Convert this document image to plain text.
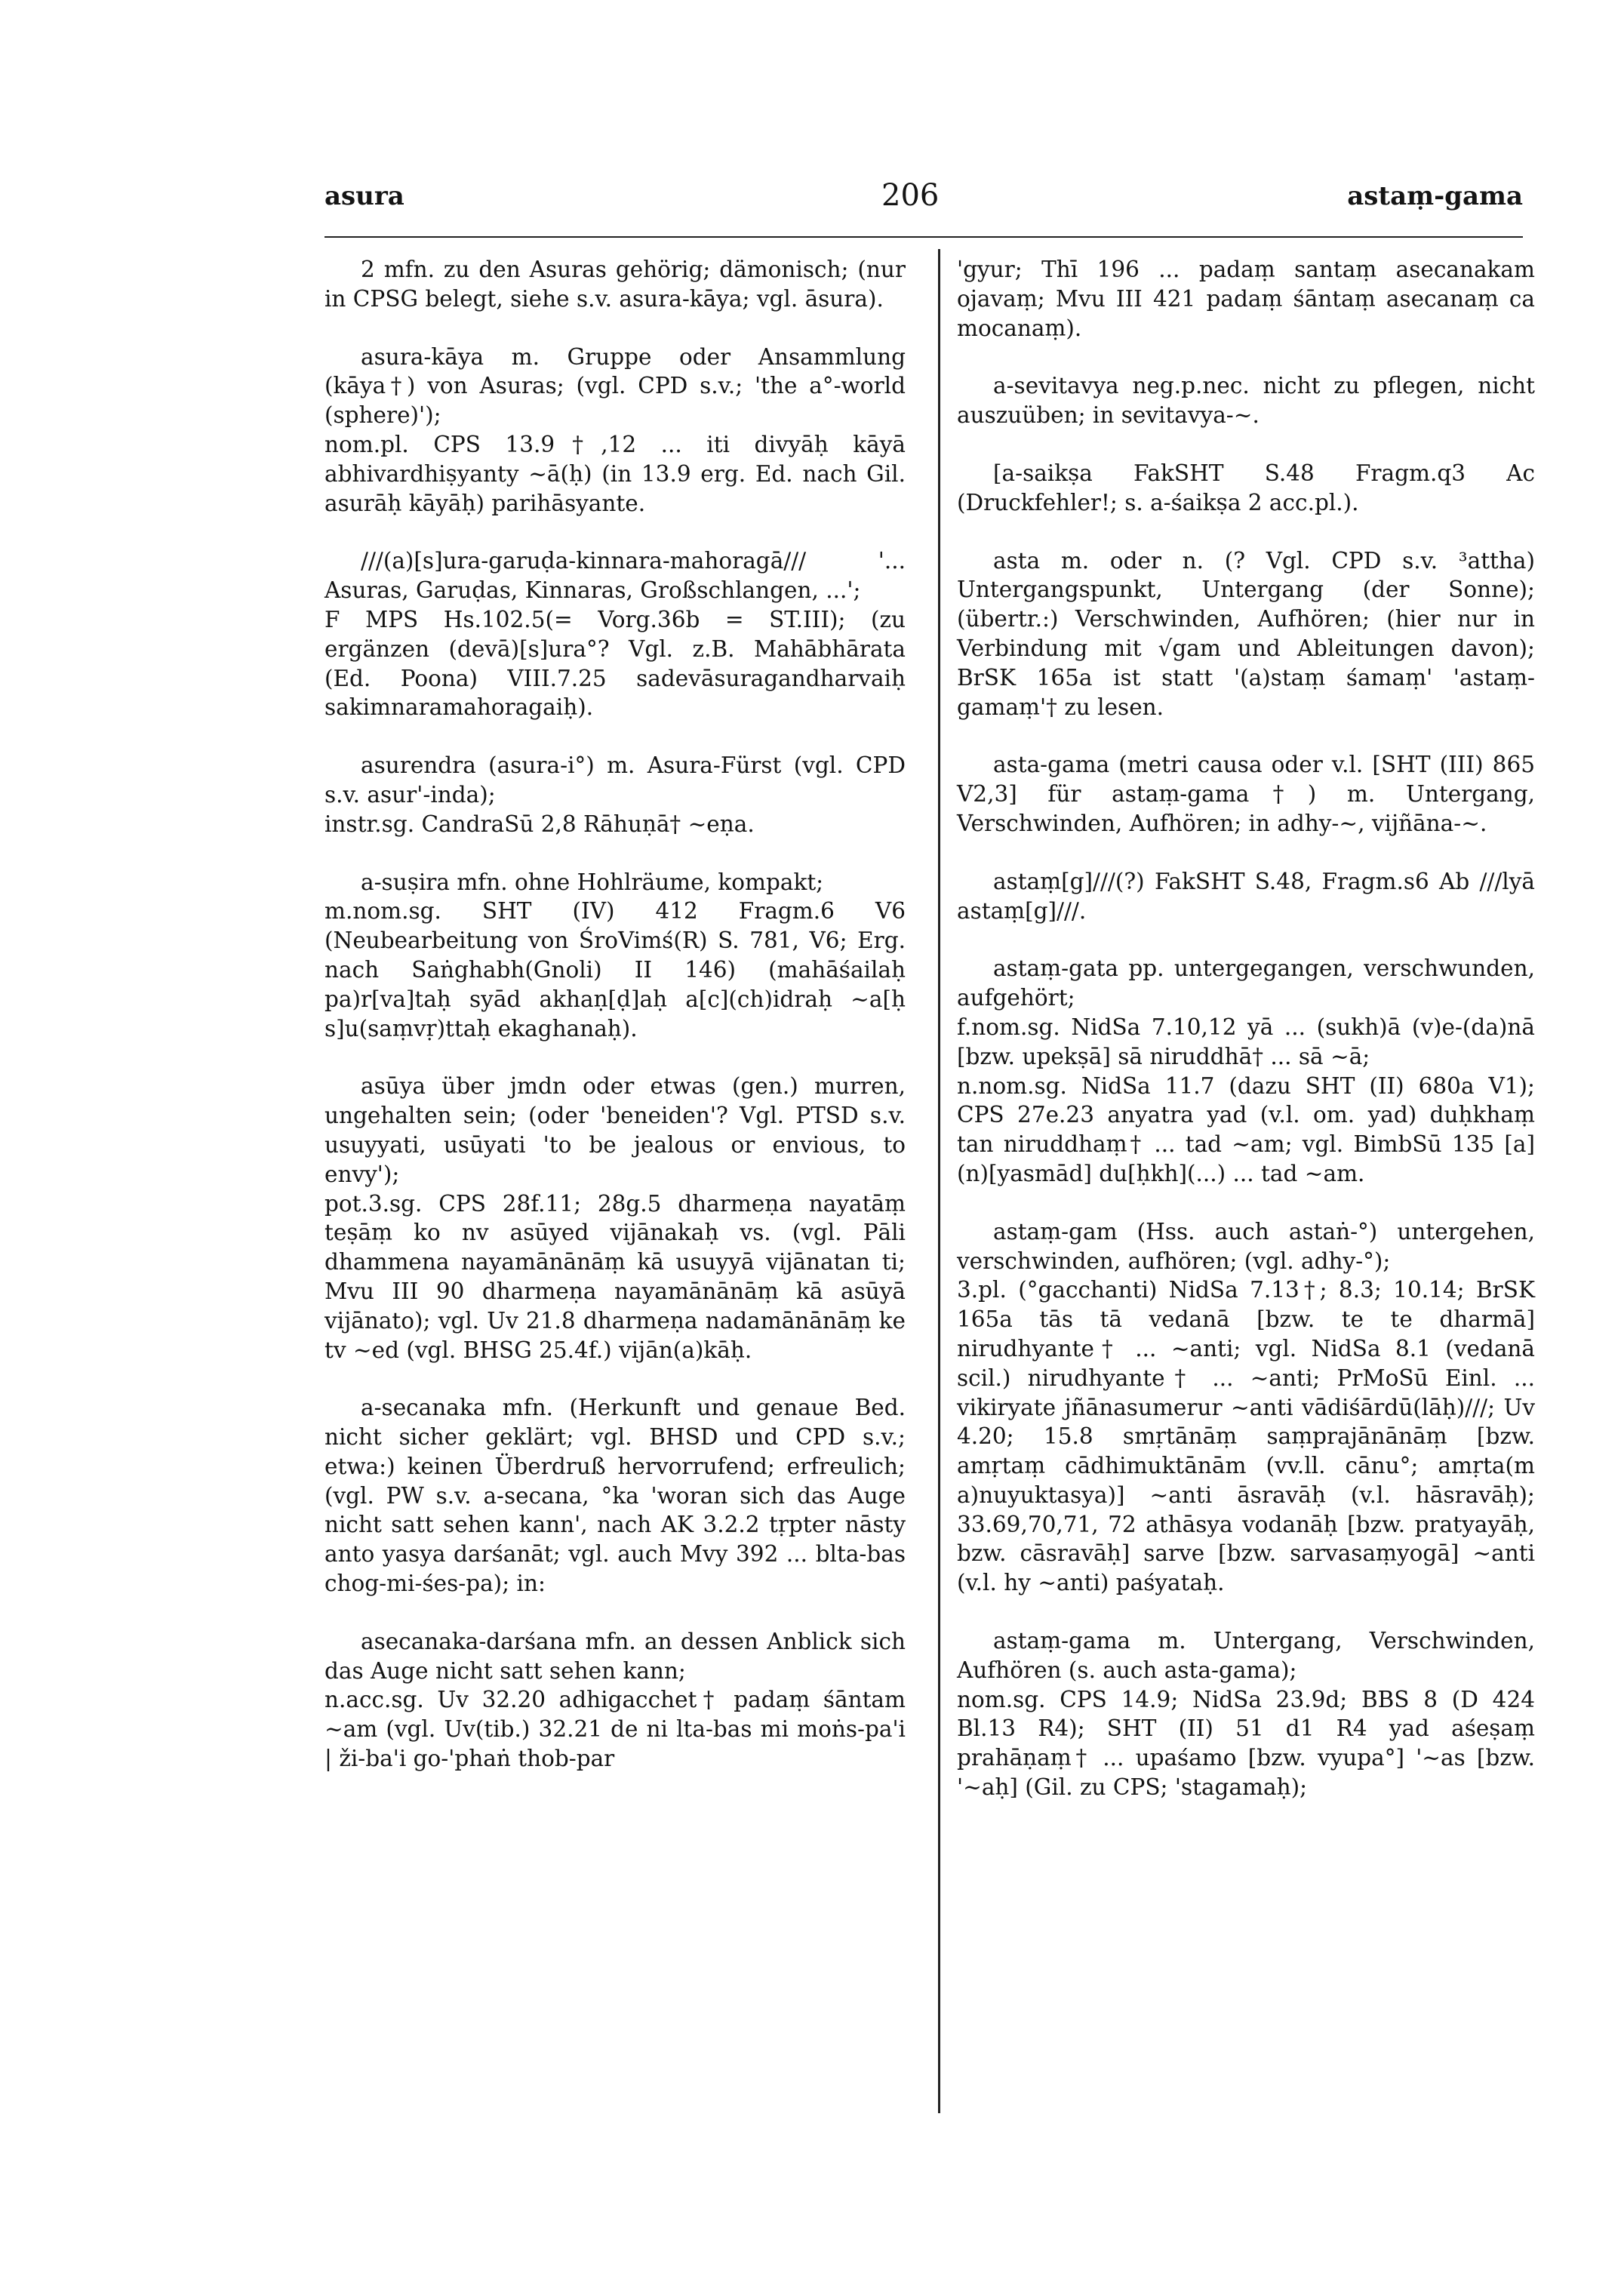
asura	206	astaṃ-gama

2 mfn. zu den Asuras gehörig; dämonisch; (nur in CPSG belegt, siehe s.v. asura-kāya; vgl. āsura).

asura-kāya m. Gruppe oder Ansammlung (kāya†) von Asuras; (vgl. CPD s.v.; 'the a°-world (sphere)');

nom.pl. CPS 13.9†,12 ... iti divyāḥ kāyā abhivardhiṣyanty ~ā(ḥ) (in 13.9 erg. Ed. nach Gil. asurāḥ kāyāḥ) parihāsyante.

///(a)[s]ura-garuḍa-kinnara-mahoragā/// '... Asuras, Garuḍas, Kinnaras, Großschlangen, ...';

F MPS Hs.102.5(= Vorg.36b = ST.III); (zu ergänzen (devā)[s]ura°? Vgl. z.B. Mahābhārata (Ed. Poona) VIII.7.25 sadevāsuragandharvaiḥ sakimnaramahoragaiḥ).

asurendra (asura-i°) m. Asura-Fürst (vgl. CPD s.v. asur'-inda);

instr.sg. CandraSū 2,8 Rāhuṇā† ~eṇa.

a-suṣira mfn. ohne Hohlräume, kompakt;

m.nom.sg. SHT (IV) 412 Fragm.6 V6 (Neubearbeitung von ŚroVimś(R) S. 781, V6; Erg. nach Saṅghabh(Gnoli) II 146) (mahāśailaḥ pa)r[va]taḥ syād akhaṇ[ḍ]aḥ a[c](ch)idraḥ ~a[ḥ s]u(saṃvṛ)ttaḥ ekaghanaḥ).

asūya über jmdn oder etwas (gen.) murren, ungehalten sein; (oder 'beneiden'? Vgl. PTSD s.v. usuyyati, usūyati 'to be jealous or envious, to envy');

pot.3.sg. CPS 28f.11; 28g.5 dharmeṇa nayatāṃ teṣāṃ ko nv asūyed vijānakaḥ vs. (vgl. Pāli dhammena nayamānānāṃ kā usuyyā vijānatan ti; Mvu III 90 dharmeṇa nayamānānāṃ kā asūyā vijānato); vgl. Uv 21.8 dharmeṇa nadamānānāṃ ke tv ~ed (vgl. BHSG 25.4f.) vijān(a)kāḥ.

a-secanaka mfn. (Herkunft und genaue Bed. nicht sicher geklärt; vgl. BHSD und CPD s.v.; etwa:) keinen Überdruß hervorrufend; erfreulich; (vgl. PW s.v. a-secana, °ka 'woran sich das Auge nicht satt sehen kann', nach AK 3.2.2 tṛpter nāsty anto yasya darśanāt; vgl. auch Mvy 392 ... blta-bas chog-mi-śes-pa); in:

asecanaka-darśana mfn. an dessen Anblick sich das Auge nicht satt sehen kann;

n.acc.sg. Uv 32.20 adhigacchet† padaṃ śāntam ~am (vgl. Uv(tib.) 32.21 de ni lta-bas mi moṅs-pa'i | ži-ba'i go-'phaṅ thob-par

'gyur; Thī 196 ... padaṃ santaṃ asecanakam ojavaṃ; Mvu III 421 padaṃ śāntaṃ asecanaṃ ca mocanaṃ).

a-sevitavya neg.p.nec. nicht zu pflegen, nicht auszuüben; in sevitavya-~.

[a-saikṣa FakSHT S.48 Fragm.q3 Ac (Druckfehler!; s. a-śaikṣa 2 acc.pl.).

asta m. oder n. (? Vgl. CPD s.v. ³attha) Untergangspunkt, Untergang (der Sonne); (übertr.:) Verschwinden, Aufhören; (hier nur in Verbindung mit √gam und Ableitungen davon); BrSK 165a ist statt '(a)staṃ śamaṃ' 'astaṃ-gamaṃ'† zu lesen.

asta-gama (metri causa oder v.l. [SHT (III) 865 V2,3] für astaṃ-gama†) m. Untergang, Verschwinden, Aufhören; in adhy-~, vijñāna-~.

astaṃ[g]///(?) FakSHT S.48, Fragm.s6 Ab ///lyā astaṃ[g]///.

astaṃ-gata pp. untergegangen, verschwunden, aufgehört;

f.nom.sg. NidSa 7.10,12 yā ... (sukh)ā (v)e-(da)nā [bzw. upekṣā] sā niruddhā† ... sā ~ā;

n.nom.sg. NidSa 11.7 (dazu SHT (II) 680a V1); CPS 27e.23 anyatra yad (v.l. om. yad) duḥkhaṃ tan niruddhaṃ† ... tad ~am; vgl. BimbSū 135 [a](n)[yasmād] du[ḥkh](...) ... tad ~am.

astaṃ-gam (Hss. auch astaṅ-°) untergehen, verschwinden, aufhören; (vgl. adhy-°);

3.pl. (°gacchanti) NidSa 7.13†; 8.3; 10.14; BrSK 165a tās tā vedanā [bzw. te te dharmā] nirudhyante† ... ~anti; vgl. NidSa 8.1 (vedanā scil.) nirudhyante† ... ~anti; PrMoSū Einl. ... vikiryate jñānasumerur ~anti vādiśārdū(lāḥ)///; Uv 4.20; 15.8 smṛtānāṃ saṃprajānānāṃ [bzw. amṛtaṃ cādhimuktānām (vv.ll. cānu°; amṛta(m a)nuyuktasya)] ~anti āsravāḥ (v.l. hāsravāḥ); 33.69,70,71, 72 athāsya vodanāḥ [bzw. pratyayāḥ, bzw. cāsravāḥ] sarve [bzw. sarvasaṃyogā] ~anti (v.l. hy ~anti) paśyataḥ.

astaṃ-gama m. Untergang, Verschwinden, Aufhören (s. auch asta-gama);

nom.sg. CPS 14.9; NidSa 23.9d; BBS 8 (D 424 Bl.13 R4); SHT (II) 51 d1 R4 yad aśeṣaṃ prahāṇaṃ† ... upaśamo [bzw. vyupa°] '~as [bzw. '~aḥ] (Gil. zu CPS; 'stagamaḥ);
